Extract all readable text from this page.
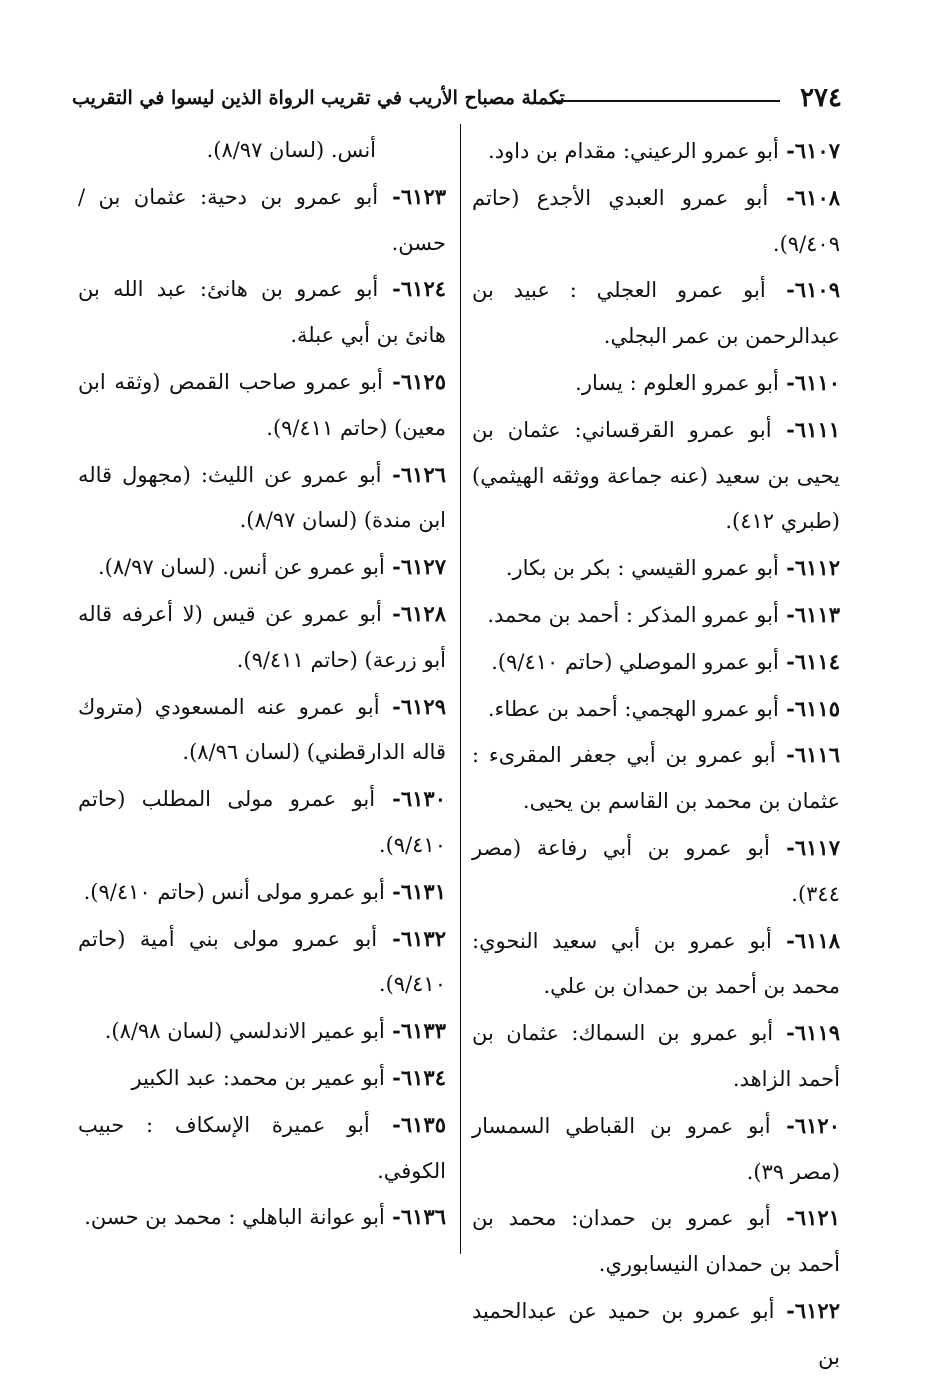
٢٧٤
تكملة مصباح الأريب في تقريب الرواة الذين ليسوا في التقريب
٦١٠٧- أبو عمرو الرعيني: مقدام بن داود.
٦١٠٨- أبو عمرو العبدي الأجدع (حاتم ٩/٤٠٩).
٦١٠٩- أبو عمرو العجلي : عبيد بن عبدالرحمن بن عمر البجلي.
٦١١٠- أبو عمرو العلوم : يسار.
٦١١١- أبو عمرو القرقساني: عثمان بن يحيى بن سعيد (عنه جماعة ووثقه الهيثمي) (طبري ٤١٢).
٦١١٢- أبو عمرو القيسي : بكر بن بكار.
٦١١٣- أبو عمرو المذكر : أحمد بن محمد.
٦١١٤- أبو عمرو الموصلي (حاتم ٩/٤١٠).
٦١١٥- أبو عمرو الهجمي: أحمد بن عطاء.
٦١١٦- أبو عمرو بن أبي جعفر المقرىء : عثمان بن محمد بن القاسم بن يحيى.
٦١١٧- أبو عمرو بن أبي رفاعة (مصر ٣٤٤).
٦١١٨- أبو عمرو بن أبي سعيد النحوي: محمد بن أحمد بن حمدان بن علي.
٦١١٩- أبو عمرو بن السماك: عثمان بن أحمد الزاهد.
٦١٢٠- أبو عمرو بن القباطي السمسار (مصر ٣٩).
٦١٢١- أبو عمرو بن حمدان: محمد بن أحمد بن حمدان النيسابوري.
٦١٢٢- أبو عمرو بن حميد عن عبدالحميد بن
أنس. (لسان ٨/٩٧).
٦١٢٣- أبو عمرو بن دحية: عثمان بن /حسن.
٦١٢٤- أبو عمرو بن هانئ: عبد الله بن هانئ بن أبي عبلة.
٦١٢٥- أبو عمرو صاحب القمص (وثقه ابن معين) (حاتم ٩/٤١١).
٦١٢٦- أبو عمرو عن الليث: (مجهول قاله ابن مندة) (لسان ٨/٩٧).
٦١٢٧- أبو عمرو عن أنس. (لسان ٨/٩٧).
٦١٢٨- أبو عمرو عن قيس (لا أعرفه قاله أبو زرعة) (حاتم ٩/٤١١).
٦١٢٩- أبو عمرو عنه المسعودي (متروك قاله الدارقطني) (لسان ٨/٩٦).
٦١٣٠- أبو عمرو مولى المطلب (حاتم ٩/٤١٠).
٦١٣١- أبو عمرو مولى أنس (حاتم ٩/٤١٠).
٦١٣٢- أبو عمرو مولى بني أمية (حاتم ٩/٤١٠).
٦١٣٣- أبو عمير الاندلسي (لسان ٨/٩٨).
٦١٣٤- أبو عمير بن محمد: عبد الكبير
٦١٣٥- أبو عميرة الإسكاف : حبيب الكوفي.
٦١٣٦- أبو عوانة الباهلي : محمد بن حسن.
